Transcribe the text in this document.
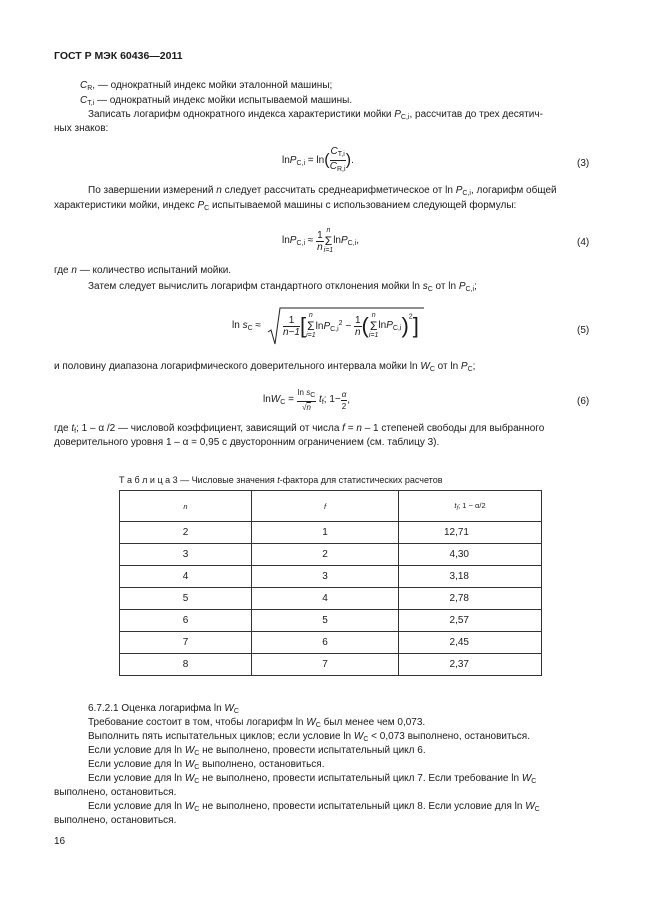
ГОСТ Р МЭК 60436—2011
$C_R$, — однократный индекс мойки эталонной машины;
$C_{T,i}$ — однократный индекс мойки испытываемой машины.
Записать логарифм однократного индекса характеристики мойки $P_{C,i}$, рассчитав до трех десятич-
ных знаков:
$\ln P_{C,i} = \ln( \frac{C_{T,i}}{C_{R,i}}$ ).	(3)
По завершении измерений n следует рассчитать среднеарифметическое от $\ln P_{C,i}$, логарифм общей
характеристики мойки, индекс $P_C$ испытываемой машины с использованием следующей формулы:
$\ln P_{C,i} \approx \frac{1}{n}$ n
Σ
i=1
lnP$_{C,i}$,	(4)
где n — количество испытаний мойки.
Затем следует вычислить логарифм стандартного отклонения мойки $\ln s_C$ от $\ln P_{C,i}$;
$\ln s_C \approx \frac{1}{n-1}$ [ n
Σ
i=1
$\ln P_{C,i}^2 - \frac{1}{n}$ ( n
Σ
i=1
lnP$_{C,i}$)$^2$]	(5)
и половину диапазона логарифмического доверительного интервала мойки $\ln W_C$ от $\ln P_C$;
$\ln W_C = \frac{\text{ln sC}}{√n} t_f$; $1- \frac{\alpha}{2}$ ,	(6)
где $t_f$; 1 – α /2 — числовой коэффициент, зависящий от числа f = n – 1 степеней свободы для выбранного
доверительного уровня 1 – α = 0,95 с двусторонним ограничением (см. таблицу 3).
Т а б л и ц а 3 — Числовые значения t-фактора для статистических расчетов
n	f	$t_f$; 1 − α/2
2	1	12,71
3	2	4,30
4	3	3,18
5	4	2,78
6	5	2,57
7	6	2,45
8	7	2,37
6.7.2.1 Оценка логарифма $\ln W_C$
Требование состоит в том, чтобы логарифм $\ln W_C$ был менее чем 0,073.
Выполнить пять испытательных циклов; если условие $\ln W_C < 0,073$ выполнено, остановиться.
Если условие для $\ln W_C$ не выполнено, провести испытательный цикл 6.
Если условие для $\ln W_C$ выполнено, остановиться.
Если условие для $\ln W_C$ не выполнено, провести испытательный цикл 7. Если требование $\ln W_C$
выполнено, остановиться.
Если условие для $\ln W_C$ не выполнено, провести испытательный цикл 8. Если условие для $\ln W_C$
выполнено, остановиться.
16
